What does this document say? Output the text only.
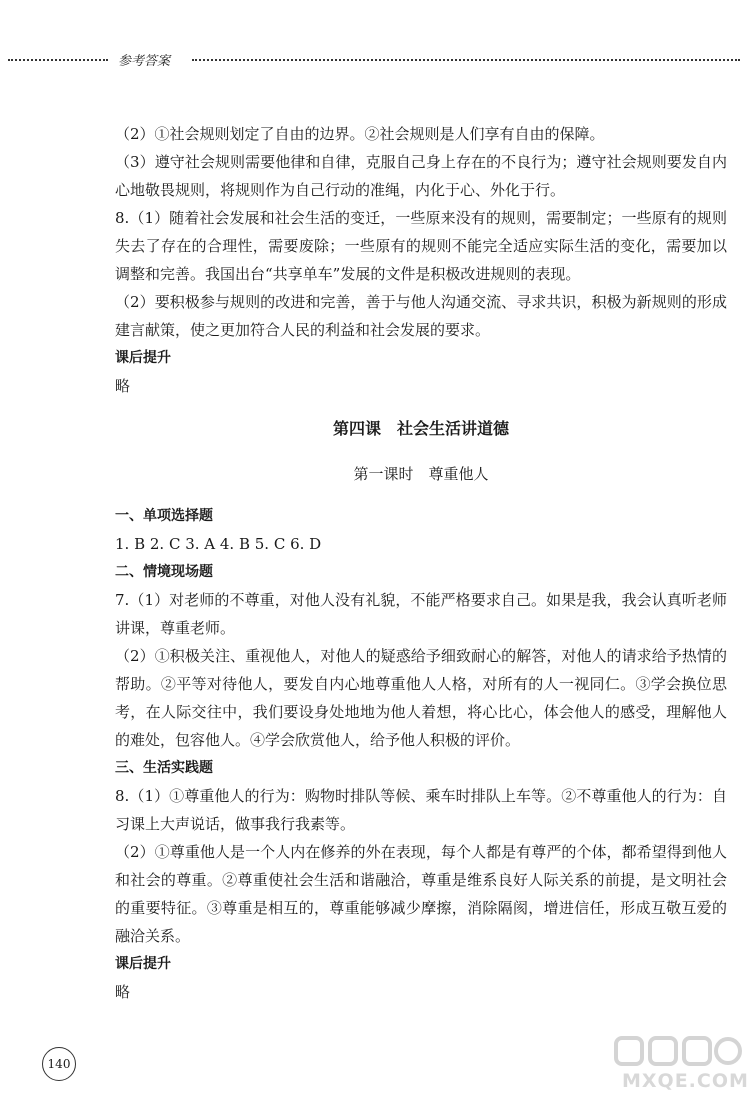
参考答案

（2）①社会规则划定了自由的边界。②社会规则是人们享有自由的保障。

（3）遵守社会规则需要他律和自律，克服自己身上存在的不良行为；遵守社会规则要发自内心地敬畏规则，将规则作为自己行动的准绳，内化于心、外化于行。

8.（1）随着社会发展和社会生活的变迁，一些原来没有的规则，需要制定；一些原有的规则失去了存在的合理性，需要废除；一些原有的规则不能完全适应实际生活的变化，需要加以调整和完善。我国出台“共享单车”发展的文件是积极改进规则的表现。

（2）要积极参与规则的改进和完善，善于与他人沟通交流、寻求共识，积极为新规则的形成建言献策，使之更加符合人民的利益和社会发展的要求。

课后提升

略

第四课　社会生活讲道德

第一课时　尊重他人

一、单项选择题

1. B 2. C 3. A 4. B 5. C 6. D

二、情境现场题

7.（1）对老师的不尊重，对他人没有礼貌，不能严格要求自己。如果是我，我会认真听老师讲课，尊重老师。

（2）①积极关注、重视他人，对他人的疑惑给予细致耐心的解答，对他人的请求给予热情的帮助。②平等对待他人，要发自内心地尊重他人人格，对所有的人一视同仁。③学会换位思考，在人际交往中，我们要设身处地地为他人着想，将心比心，体会他人的感受，理解他人的难处，包容他人。④学会欣赏他人，给予他人积极的评价。

三、生活实践题

8.（1）①尊重他人的行为：购物时排队等候、乘车时排队上车等。②不尊重他人的行为：自习课上大声说话，做事我行我素等。

（2）①尊重他人是一个人内在修养的外在表现，每个人都是有尊严的个体，都希望得到他人和社会的尊重。②尊重使社会生活和谐融洽，尊重是维系良好人际关系的前提，是文明社会的重要特征。③尊重是相互的，尊重能够减少摩擦，消除隔阂，增进信任，形成互敬互爱的融洽关系。

课后提升

略

140
MXQE.COM
